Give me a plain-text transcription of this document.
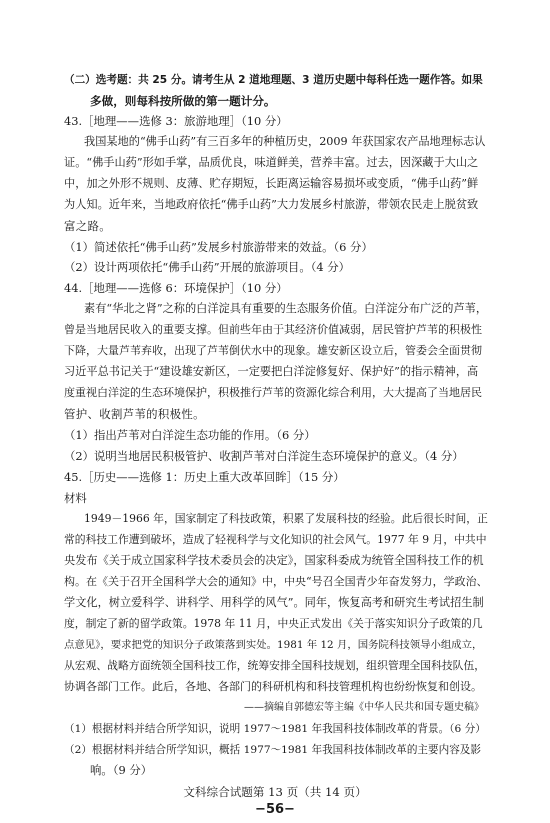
（二）选考题：共 25 分。请考生从 2 道地理题、3 道历史题中每科任选一题作答。如果
多做，则每科按所做的第一题计分。
43.［地理——选修 3：旅游地理］（10 分）
我国某地的“佛手山药”有三百多年的种植历史，2009 年获国家农产品地理标志认
证。“佛手山药”形如手掌，品质优良，味道鲜美，营养丰富。过去，因深藏于大山之
中，加之外形不规则、皮薄、贮存期短，长距离运输容易损坏或变质，“佛手山药”鲜
为人知。近年来，当地政府依托“佛手山药”大力发展乡村旅游，带领农民走上脱贫致
富之路。
（1）简述依托“佛手山药”发展乡村旅游带来的效益。（6 分）
（2）设计两项依托“佛手山药”开展的旅游项目。（4 分）
44.［地理——选修 6：环境保护］（10 分）
素有“华北之肾”之称的白洋淀具有重要的生态服务价值。白洋淀分布广泛的芦苇，
曾是当地居民收入的重要支撑。但前些年由于其经济价值减弱，居民管护芦苇的积极性
下降，大量芦苇弃收，出现了芦苇倒伏水中的现象。雄安新区设立后，管委会全面贯彻
习近平总书记关于“建设雄安新区，一定要把白洋淀修复好、保护好”的指示精神，高
度重视白洋淀的生态环境保护，积极推行芦苇的资源化综合利用，大大提高了当地居民
管护、收割芦苇的积极性。
（1）指出芦苇对白洋淀生态功能的作用。（6 分）
（2）说明当地居民积极管护、收割芦苇对白洋淀生态环境保护的意义。（4 分）
45.［历史——选修 1：历史上重大改革回眸］（15 分）
材料
1949－1966 年，国家制定了科技政策，积累了发展科技的经验。此后很长时间，正
常的科技工作遭到破坏，造成了轻视科学与文化知识的社会风气。1977 年 9 月，中共中
央发布《关于成立国家科学技术委员会的决定》，国家科委成为统管全国科技工作的机
构。在《关于召开全国科学大会的通知》中，中央“号召全国青少年奋发努力，学政治、
学文化，树立爱科学、讲科学、用科学的风气”。同年，恢复高考和研究生考试招生制
度，制定了新的留学政策。1978 年 11 月，中央正式发出《关于落实知识分子政策的几
点意见》，要求把党的知识分子政策落到实处。1981 年 12 月，国务院科技领导小组成立，
从宏观、战略方面统领全国科技工作，统筹安排全国科技规划，组织管理全国科技队伍，
协调各部门工作。此后，各地、各部门的科研机构和科技管理机构也纷纷恢复和创设。
——摘编自郭德宏等主编《中华人民共和国专题史稿》
（1）根据材料并结合所学知识，说明 1977～1981 年我国科技体制改革的背景。（6 分）
（2）根据材料并结合所学知识，概括 1977～1981 年我国科技体制改革的主要内容及影
响。（9 分）
文科综合试题第 13 页（共 14 页）
−56−
